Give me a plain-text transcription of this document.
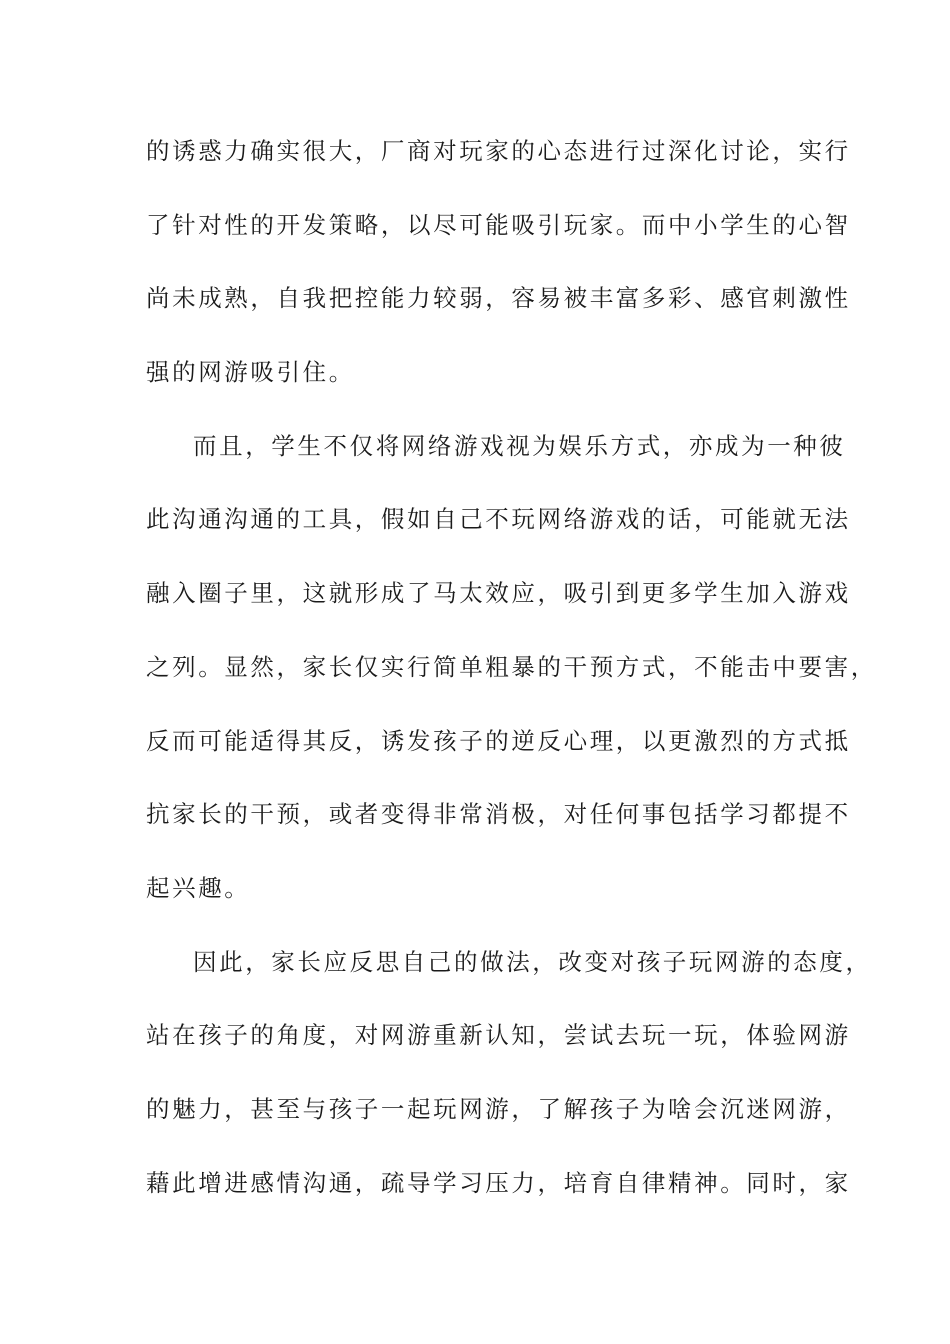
的诱惑力确实很大，厂商对玩家的心态进行过深化讨论，实行
了针对性的开发策略，以尽可能吸引玩家。而中小学生的心智
尚未成熟，自我把控能力较弱，容易被丰富多彩、感官刺激性
强的网游吸引住。
而且，学生不仅将网络游戏视为娱乐方式，亦成为一种彼
此沟通沟通的工具，假如自己不玩网络游戏的话，可能就无法
融入圈子里，这就形成了马太效应，吸引到更多学生加入游戏
之列。显然，家长仅实行简单粗暴的干预方式，不能击中要害，
反而可能适得其反，诱发孩子的逆反心理，以更激烈的方式抵
抗家长的干预，或者变得非常消极，对任何事包括学习都提不
起兴趣。
因此，家长应反思自己的做法，改变对孩子玩网游的态度，
站在孩子的角度，对网游重新认知，尝试去玩一玩，体验网游
的魅力，甚至与孩子一起玩网游，了解孩子为啥会沉迷网游，
藉此增进感情沟通，疏导学习压力，培育自律精神。同时，家
